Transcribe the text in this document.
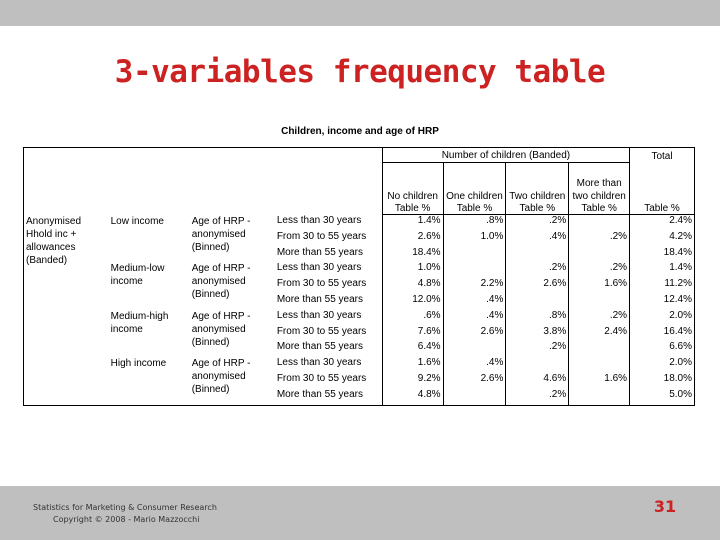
3-variables frequency table
Children, income and age of HRP
				Number of children (Banded)				Total
				No children	One children	Two children	More than two children	
				Table %	Table %	Table %	Table %	Table %
Anonymised Hhold inc + allowances (Banded)	Low income	Age of HRP - anonymised (Binned)	Less than 30 years	1.4%	.8%	.2%		2.4%
			From 30 to 55 years	2.6%	1.0%	.4%	.2%	4.2%
			More than 55 years	18.4%				18.4%
	Medium-low income	Age of HRP - anonymised (Binned)	Less than 30 years	1.0%		.2%	.2%	1.4%
			From 30 to 55 years	4.8%	2.2%	2.6%	1.6%	11.2%
			More than 55 years	12.0%	.4%			12.4%
	Medium-high income	Age of HRP - anonymised (Binned)	Less than 30 years	.6%	.4%	.8%	.2%	2.0%
			From 30 to 55 years	7.6%	2.6%	3.8%	2.4%	16.4%
			More than 55 years	6.4%		.2%		6.6%
	High income	Age of HRP - anonymised (Binned)	Less than 30 years	1.6%	.4%			2.0%
			From 30 to 55 years	9.2%	2.6%	4.6%	1.6%	18.0%
			More than 55 years	4.8%		.2%		5.0%
Statistics for Marketing & Consumer Research
Copyright © 2008 - Mario Mazzocchi
31
